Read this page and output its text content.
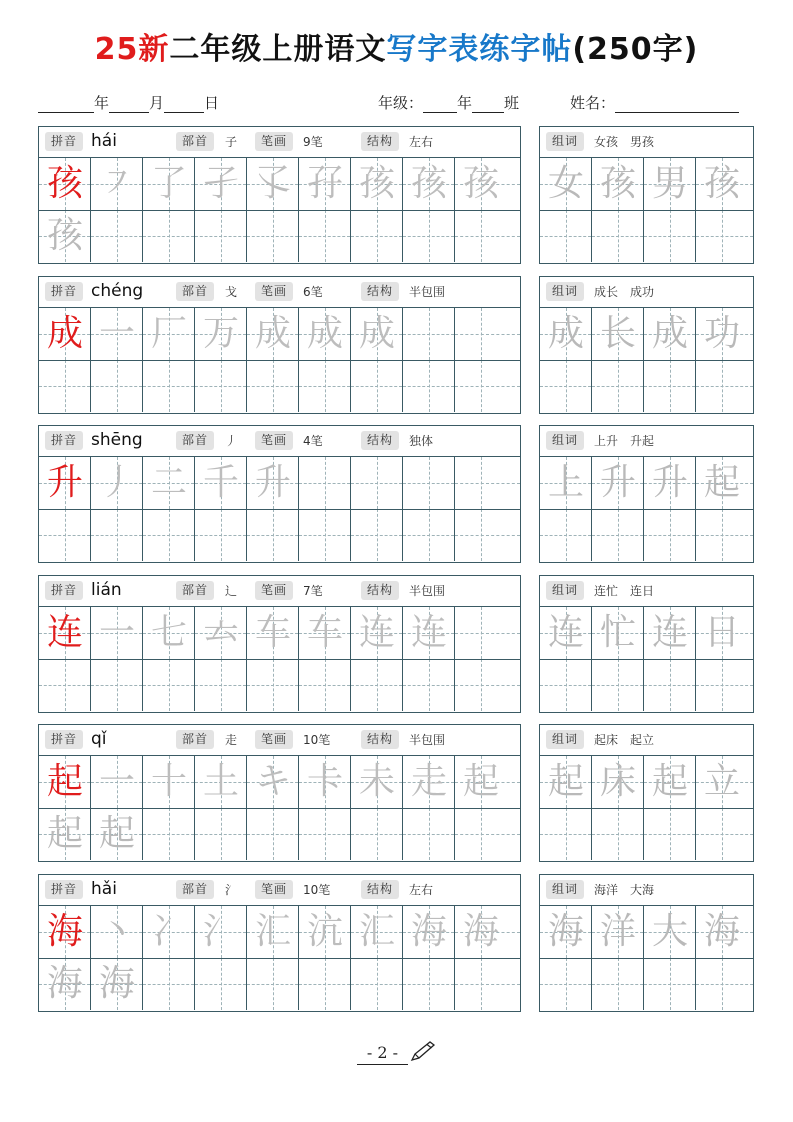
25新二年级上册语文写字表练字帖(250字)
年	月	日	年级： 年 班	姓名：
拼音 hái	部首	子	笔画	9笔	结构	左右
孩 ㇇ 了 孑 孓 孖 孩 孩 孩
孩
组词	女孩　男孩
女 孩 男 孩
拼音 chéng	部首	戈	笔画	6笔	结构	半包围
成 一 厂 万 成 成 成
组词	成长　成功
成 长 成 功
拼音 shēng	部首	丿	笔画	4笔	结构	独体
升 丿 二 千 升
组词	上升　升起
上 升 升 起
拼音 lián	部首	辶	笔画	7笔	结构	半包围
连 一 七 𠫓 车 车 连 连
组词	连忙　连日
连 忙 连 日
拼音 qǐ	部首	走	笔画	10笔	结构	半包围
起 一 十 土 キ 卡 未 走 起
起 起
组词	起床　起立
起 床 起 立
拼音 hǎi	部首	氵	笔画	10笔	结构	左右
海 丶 冫 氵 汇 沆 汇 海 海
海 海
组词	海洋　大海
海 洋 大 海
- 2 -
